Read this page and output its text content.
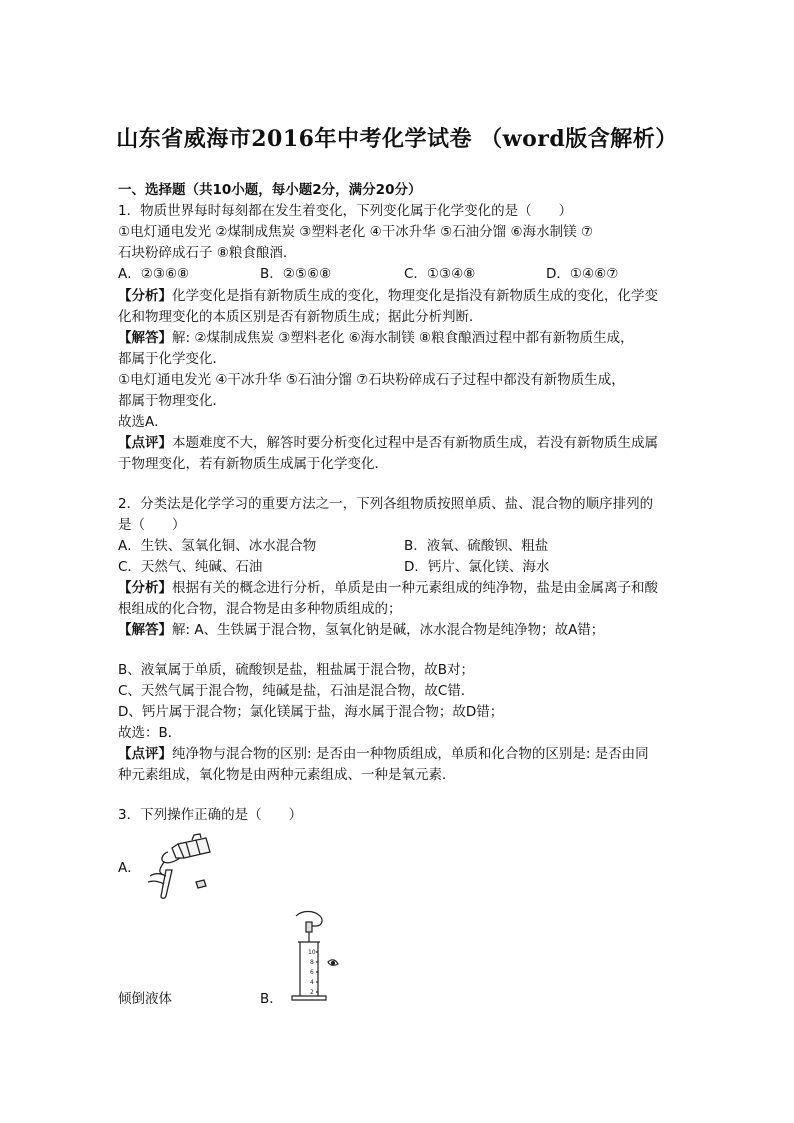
山东省威海市2016年中考化学试卷 （word版含解析）
一、选择题（共10小题，每小题2分，满分20分）
1．物质世界每时每刻都在发生着变化，下列变化属于化学变化的是（　　）
①电灯通电发光 ②煤制成焦炭 ③塑料老化 ④干冰升华 ⑤石油分馏 ⑥海水制镁 ⑦
石块粉碎成石子 ⑧粮食酿酒．
A．②③⑥⑧	B．②⑤⑥⑧	C．①③④⑧	D．①④⑥⑦
【分析】化学变化是指有新物质生成的变化，物理变化是指没有新物质生成的变化，化学变
化和物理变化的本质区别是否有新物质生成；据此分析判断．
【解答】解: ②煤制成焦炭 ③塑料老化 ⑥海水制镁 ⑧粮食酿酒过程中都有新物质生成，
都属于化学变化．
①电灯通电发光 ④干冰升华 ⑤石油分馏 ⑦石块粉碎成石子过程中都没有新物质生成，
都属于物理变化．
故选A．
【点评】本题难度不大，解答时要分析变化过程中是否有新物质生成，若没有新物质生成属
于物理变化，若有新物质生成属于化学变化．
2．分类法是化学学习的重要方法之一，下列各组物质按照单质、盐、混合物的顺序排列的
是（　　）
A．生铁、氢氧化铜、冰水混合物	B．液氧、硫酸钡、粗盐
C．天然气、纯碱、石油	D．钙片、氯化镁、海水
【分析】根据有关的概念进行分析，单质是由一种元素组成的纯净物，盐是由金属离子和酸
根组成的化合物，混合物是由多种物质组成的；
【解答】解: A、生铁属于混合物，氢氧化钠是碱，冰水混合物是纯净物；故A错；
B、液氧属于单质，硫酸钡是盐，粗盐属于混合物，故B对；
C、天然气属于混合物，纯碱是盐，石油是混合物，故C错．
D、钙片属于混合物；氯化镁属于盐，海水属于混合物；故D错；
故选：B．
【点评】纯净物与混合物的区别: 是否由一种物质组成，单质和化合物的区别是: 是否由同
种元素组成，氧化物是由两种元素组成、一种是氧元素．
3．下列操作正确的是（　　）
A．
10
8
6
4
2
倾倒液体	B．
